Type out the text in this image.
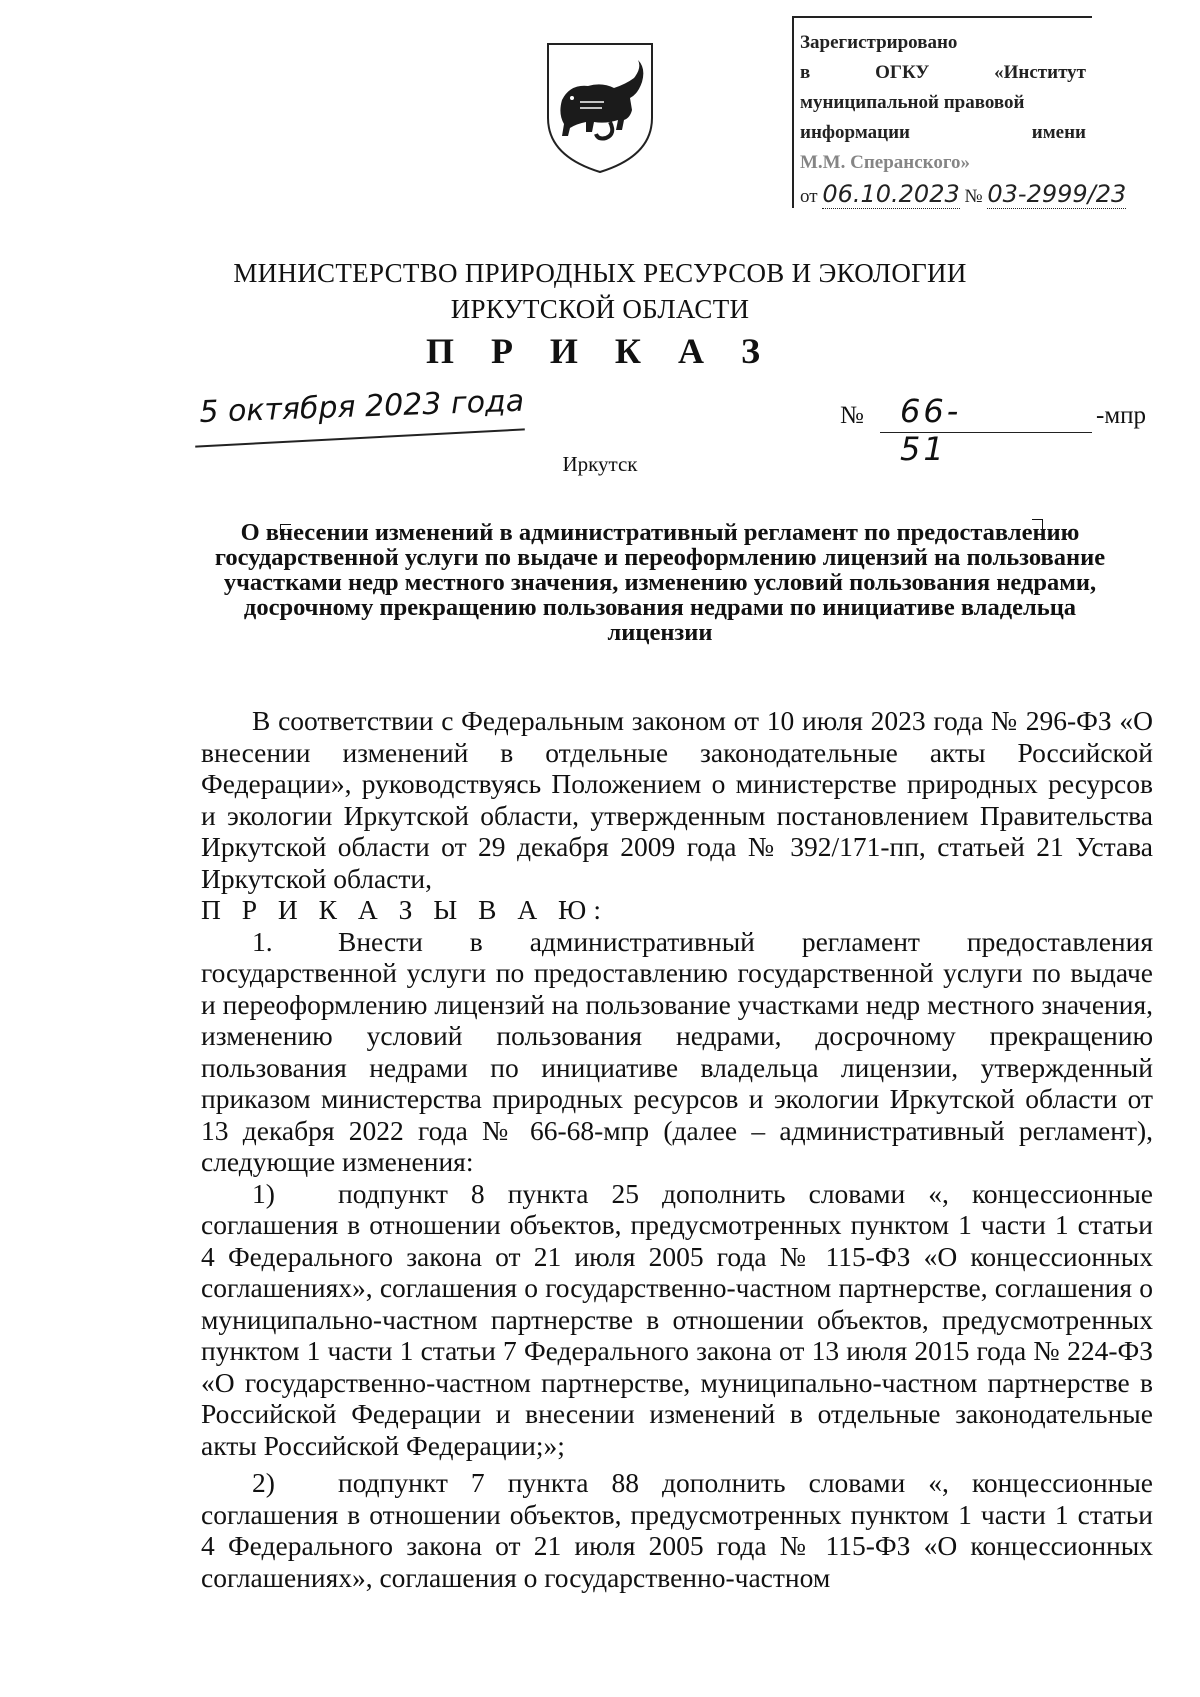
Зарегистрировано
в	ОГКУ	«Институт
муниципальной правовой
информации	имени
М.М. Сперанского»
от 06.10.2023 № 03-2999/23
МИНИСТЕРСТВО ПРИРОДНЫХ РЕСУРСОВ И ЭКОЛОГИИ
ИРКУТСКОЙ ОБЛАСТИ
П Р И К А З
5 октября 2023 года	№ 66-51
-мпр
Иркутск
О внесении изменений в административный регламент по предоставлению государственной услуги по выдаче и переоформлению лицензий на пользование участками недр местного значения, изменению условий пользования недрами, досрочному прекращению пользования недрами по инициативе владельца лицензии

В соответствии с Федеральным законом от 10 июля 2023 года № 296-ФЗ «О внесении изменений в отдельные законодательные акты Российской Федерации», руководствуясь Положением о министерстве природных ресурсов и экологии Иркутской области, утвержденным постановлением Правительства Иркутской области от 29 декабря 2009 года № 392/171-пп, статьей 21 Устава Иркутской области,

П Р И К А З Ы В А Ю:

1. Внести в административный регламент предоставления государственной услуги по предоставлению государственной услуги по выдаче и переоформлению лицензий на пользование участками недр местного значения, изменению условий пользования недрами, досрочному прекращению пользования недрами по инициативе владельца лицензии, утвержденный приказом министерства природных ресурсов и экологии Иркутской области от 13 декабря 2022 года № 66-68-мпр (далее – административный регламент), следующие изменения:

1) подпункт 8 пункта 25 дополнить словами «, концессионные соглашения в отношении объектов, предусмотренных пунктом 1 части 1 статьи 4 Федерального закона от 21 июля 2005 года № 115-ФЗ «О концессионных соглашениях», соглашения о государственно-частном партнерстве, соглашения о муниципально-частном партнерстве в отношении объектов, предусмотренных пунктом 1 части 1 статьи 7 Федерального закона от 13 июля 2015 года № 224-ФЗ «О государственно-частном партнерстве, муниципально-частном партнерстве в Российской Федерации и внесении изменений в отдельные законодательные акты Российской Федерации;»;

2) подпункт 7 пункта 88 дополнить словами «, концессионные соглашения в отношении объектов, предусмотренных пунктом 1 части 1 статьи 4 Федерального закона от 21 июля 2005 года № 115-ФЗ «О концессионных соглашениях», соглашения о государственно-частном
